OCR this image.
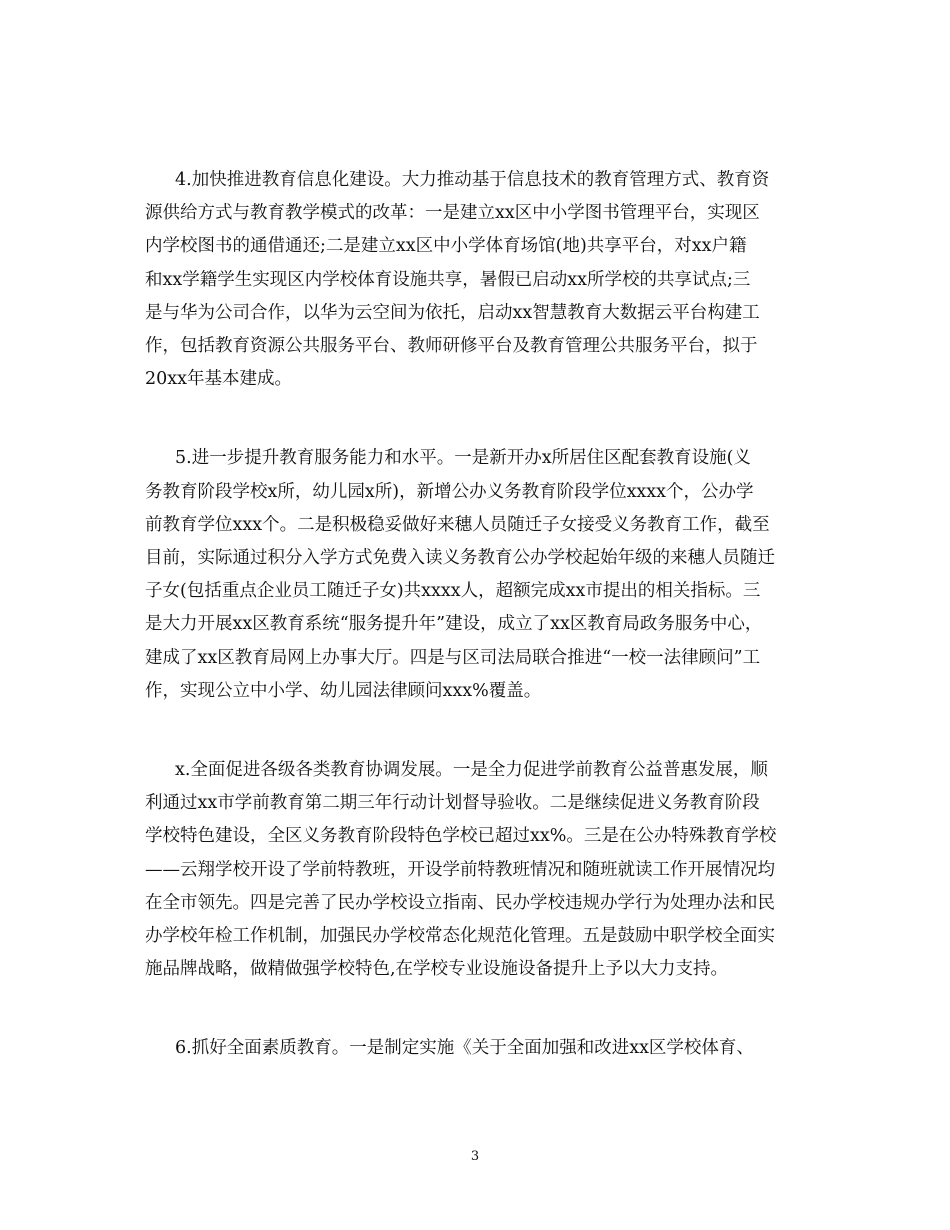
4.加快推进教育信息化建设。大力推动基于信息技术的教育管理方式、教育资
源供给方式与教育教学模式的改革：一是建立xx区中小学图书管理平台，实现区
内学校图书的通借通还;二是建立xx区中小学体育场馆(地)共享平台，对xx户籍
和xx学籍学生实现区内学校体育设施共享，暑假已启动xx所学校的共享试点;三
是与华为公司合作，以华为云空间为依托，启动xx智慧教育大数据云平台构建工
作，包括教育资源公共服务平台、教师研修平台及教育管理公共服务平台，拟于
20xx年基本建成。

5.进一步提升教育服务能力和水平。一是新开办x所居住区配套教育设施(义
务教育阶段学校x所，幼儿园x所)，新增公办义务教育阶段学位xxxx个，公办学
前教育学位xxx个。二是积极稳妥做好来穗人员随迁子女接受义务教育工作，截至
目前，实际通过积分入学方式免费入读义务教育公办学校起始年级的来穗人员随迁
子女(包括重点企业员工随迁子女)共xxxx人，超额完成xx市提出的相关指标。三
是大力开展xx区教育系统“服务提升年”建设，成立了xx区教育局政务服务中心，
建成了xx区教育局网上办事大厅。四是与区司法局联合推进“一校一法律顾问”工
作，实现公立中小学、幼儿园法律顾问xxx%覆盖。

x.全面促进各级各类教育协调发展。一是全力促进学前教育公益普惠发展，顺
利通过xx市学前教育第二期三年行动计划督导验收。二是继续促进义务教育阶段
学校特色建设，全区义务教育阶段特色学校已超过xx%。三是在公办特殊教育学校
——云翔学校开设了学前特教班，开设学前特教班情况和随班就读工作开展情况均
在全市领先。四是完善了民办学校设立指南、民办学校违规办学行为处理办法和民
办学校年检工作机制，加强民办学校常态化规范化管理。五是鼓励中职学校全面实
施品牌战略，做精做强学校特色,在学校专业设施设备提升上予以大力支持。

6.抓好全面素质教育。一是制定实施《关于全面加强和改进xx区学校体育、

3
